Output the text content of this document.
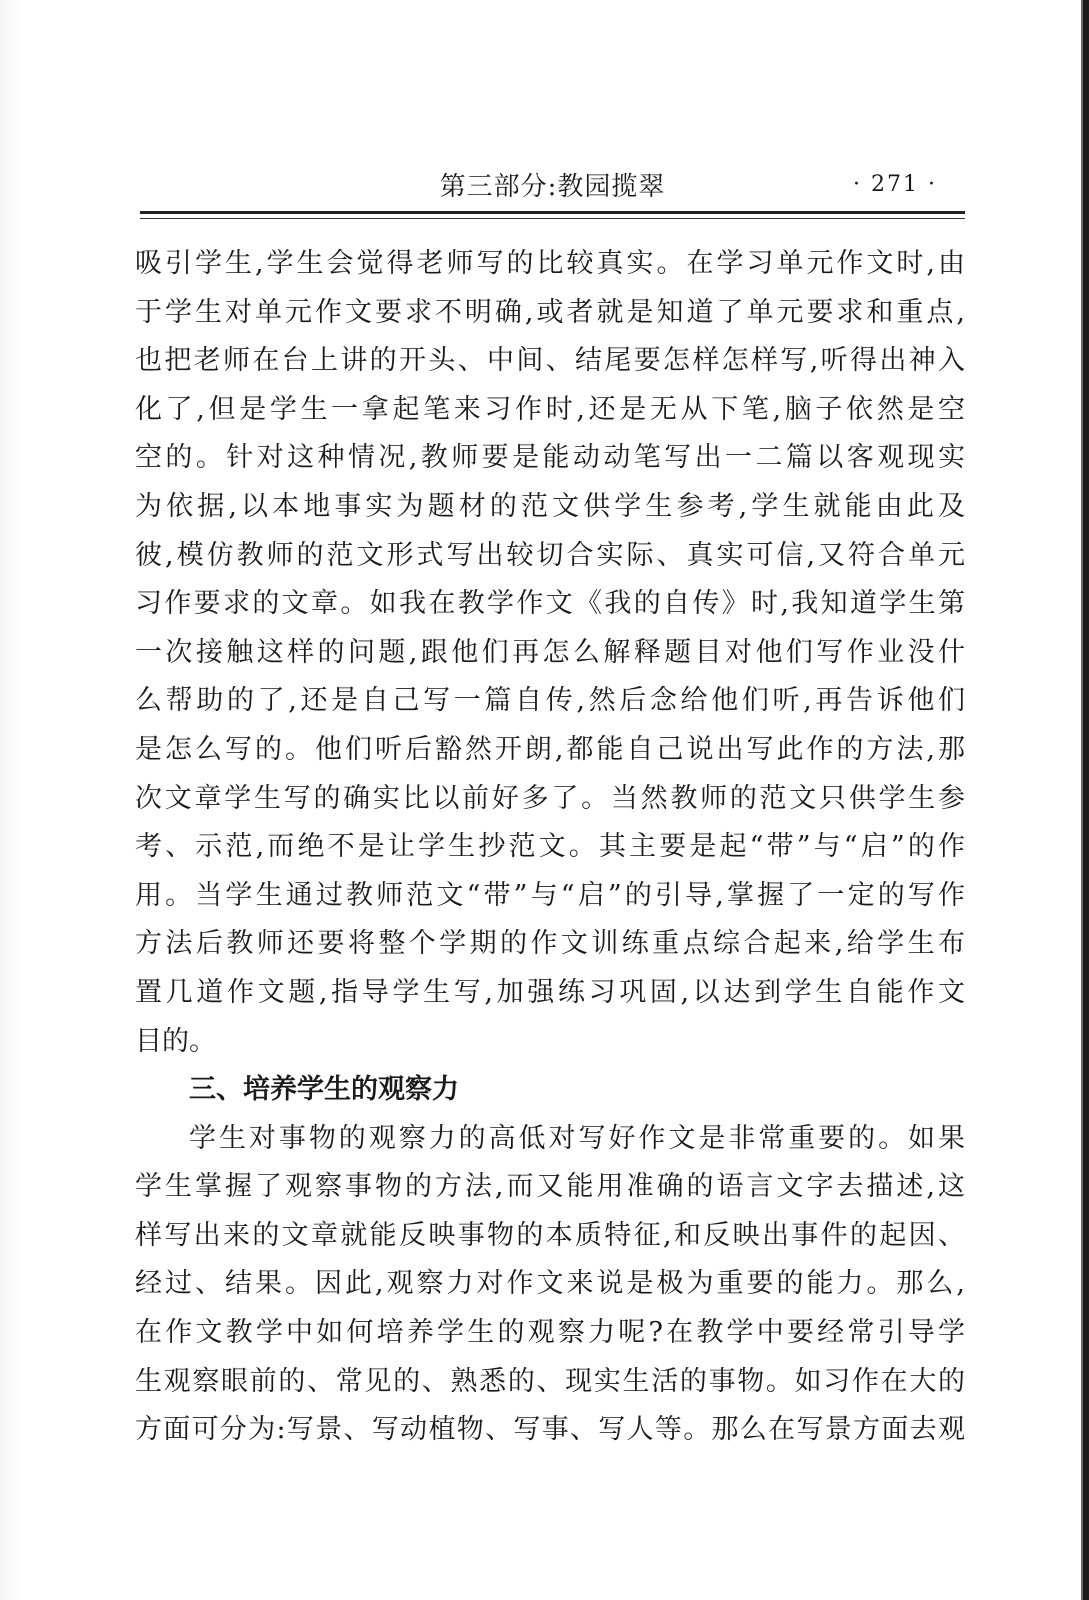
第三部分:教园揽翠	· 271 ·
吸引学生,学生会觉得老师写的比较真实。在学习单元作文时,由
于学生对单元作文要求不明确,或者就是知道了单元要求和重点,
也把老师在台上讲的开头、中间、结尾要怎样怎样写,听得出神入
化了,但是学生一拿起笔来习作时,还是无从下笔,脑子依然是空
空的。针对这种情况,教师要是能动动笔写出一二篇以客观现实
为依据,以本地事实为题材的范文供学生参考,学生就能由此及
彼,模仿教师的范文形式写出较切合实际、真实可信,又符合单元
习作要求的文章。如我在教学作文《我的自传》时,我知道学生第
一次接触这样的问题,跟他们再怎么解释题目对他们写作业没什
么帮助的了,还是自己写一篇自传,然后念给他们听,再告诉他们
是怎么写的。他们听后豁然开朗,都能自己说出写此作的方法,那
次文章学生写的确实比以前好多了。当然教师的范文只供学生参
考、示范,而绝不是让学生抄范文。其主要是起“带”与“启”的作
用。当学生通过教师范文“带”与“启”的引导,掌握了一定的写作
方法后教师还要将整个学期的作文训练重点综合起来,给学生布
置几道作文题,指导学生写,加强练习巩固,以达到学生自能作文
目的。
三、培养学生的观察力
学生对事物的观察力的高低对写好作文是非常重要的。如果
学生掌握了观察事物的方法,而又能用准确的语言文字去描述,这
样写出来的文章就能反映事物的本质特征,和反映出事件的起因、
经过、结果。因此,观察力对作文来说是极为重要的能力。那么,
在作文教学中如何培养学生的观察力呢?在教学中要经常引导学
生观察眼前的、常见的、熟悉的、现实生活的事物。如习作在大的
方面可分为:写景、写动植物、写事、写人等。那么在写景方面去观
